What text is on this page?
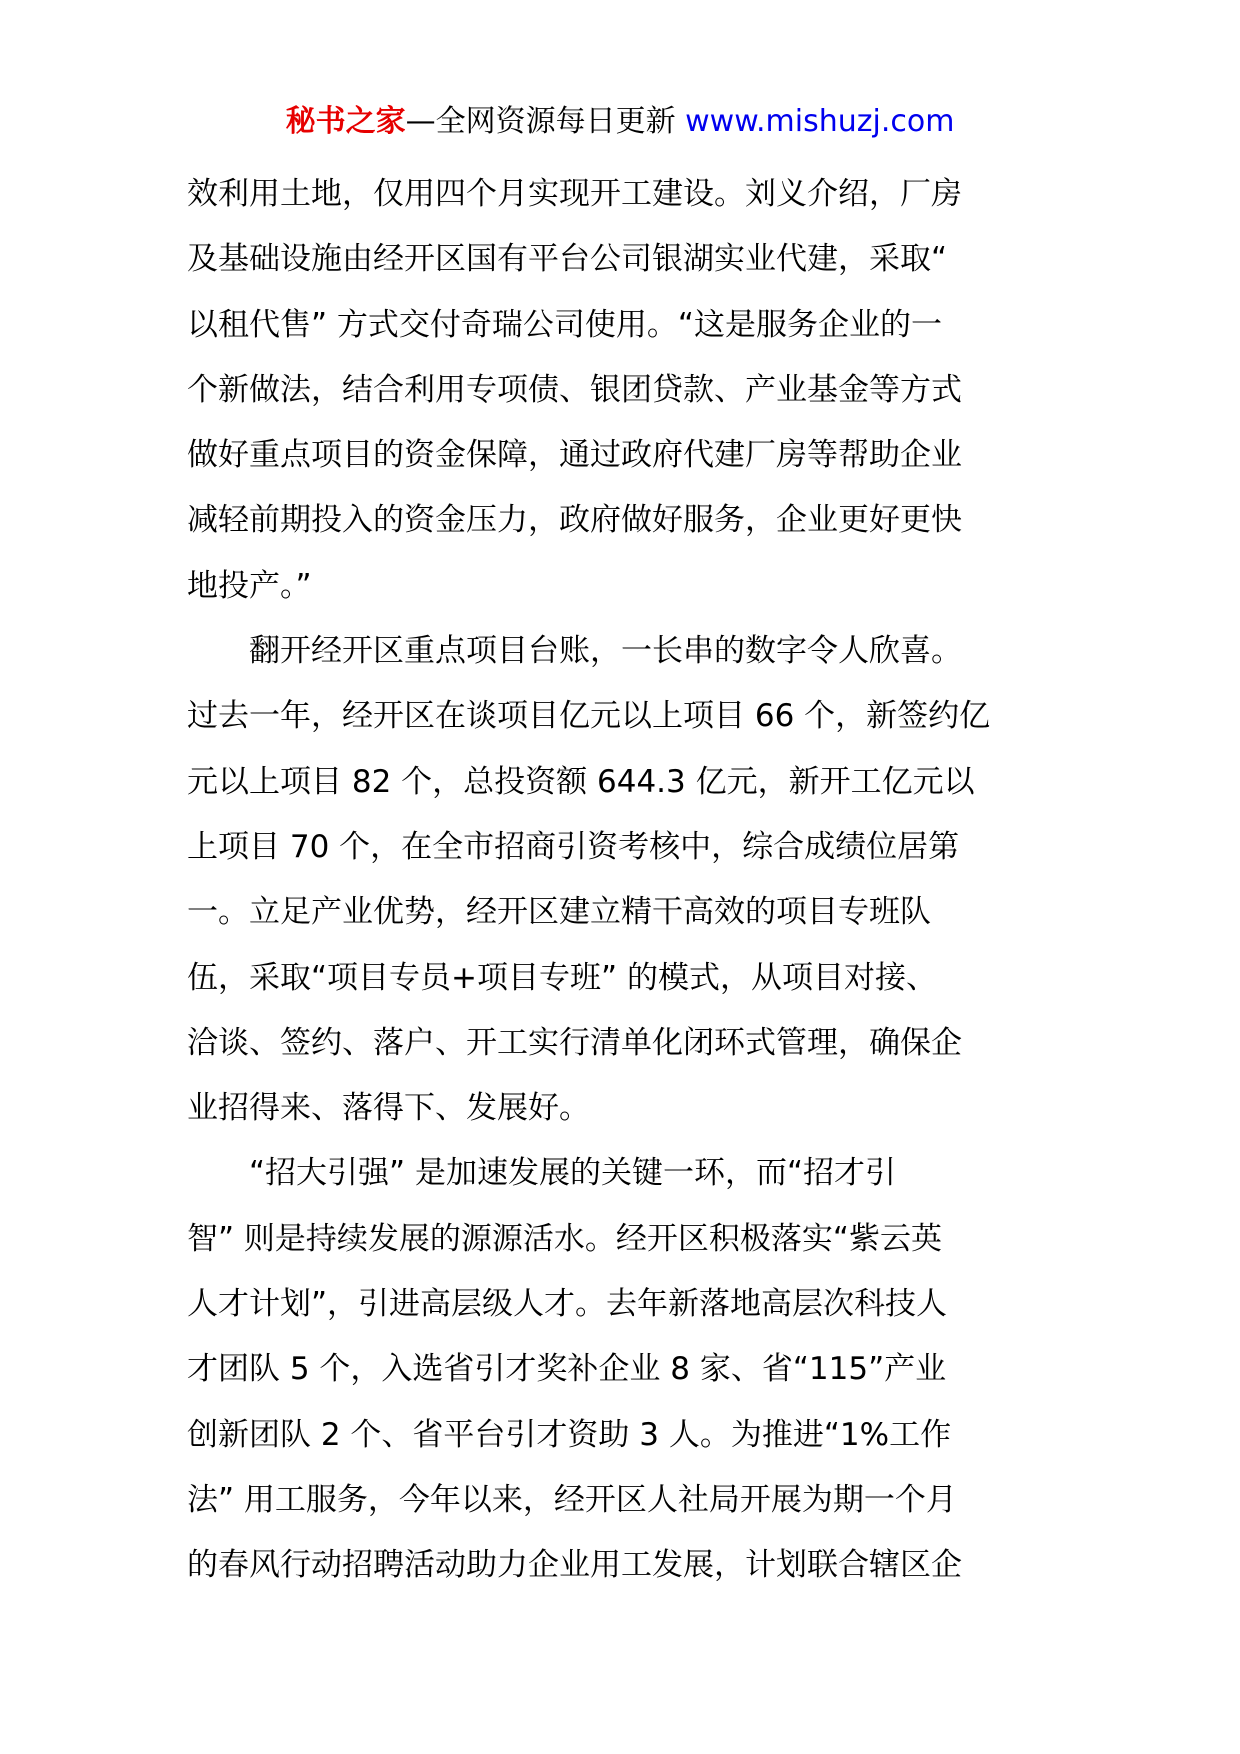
秘书之家—全网资源每日更新 www.mishuzj.com
效利用土地，仅用四个月实现开工建设。刘义介绍，厂房
及基础设施由经开区国有平台公司银湖实业代建，采取“
以租代售” 方式交付奇瑞公司使用。“这是服务企业的一
个新做法，结合利用专项债、银团贷款、产业基金等方式
做好重点项目的资金保障，通过政府代建厂房等帮助企业
减轻前期投入的资金压力，政府做好服务，企业更好更快
地投产。”
翻开经开区重点项目台账，一长串的数字令人欣喜。
过去一年，经开区在谈项目亿元以上项目 66 个，新签约亿
元以上项目 82 个，总投资额 644.3 亿元，新开工亿元以
上项目 70 个，在全市招商引资考核中，综合成绩位居第
一。立足产业优势，经开区建立精干高效的项目专班队
伍，采取“项目专员+项目专班” 的模式，从项目对接、
洽谈、签约、落户、开工实行清单化闭环式管理，确保企
业招得来、落得下、发展好。
“招大引强” 是加速发展的关键一环，而“招才引
智” 则是持续发展的源源活水。经开区积极落实“紫云英
人才计划”，引进高层级人才。去年新落地高层次科技人
才团队 5 个，入选省引才奖补企业 8 家、省“115”产业
创新团队 2 个、省平台引才资助 3 人。为推进“1%工作
法” 用工服务，今年以来，经开区人社局开展为期一个月
的春风行动招聘活动助力企业用工发展，计划联合辖区企
